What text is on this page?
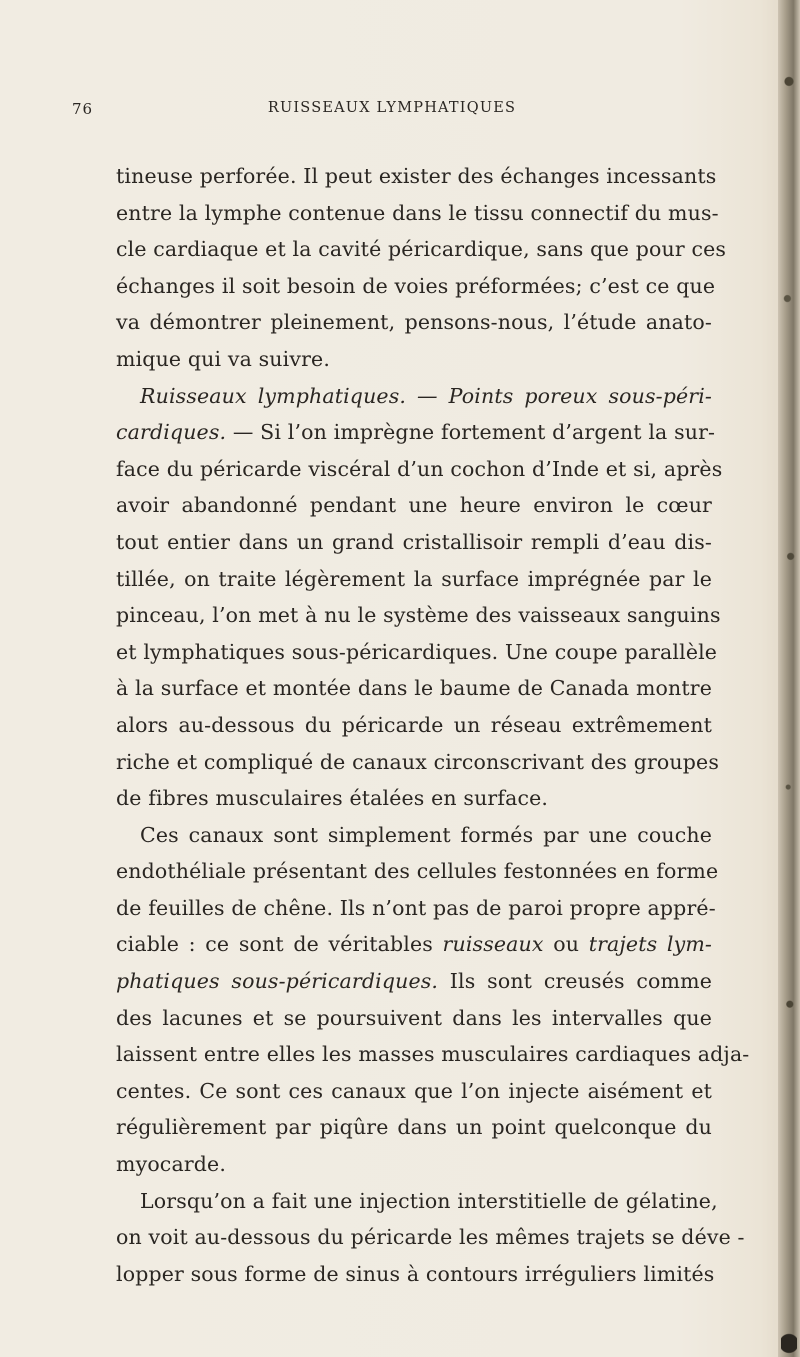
76	RUISSEAUX LYMPHATIQUES
tineuse perforée. Il peut exister des échanges incessants
entre la lymphe contenue dans le tissu connectif du mus-
cle cardiaque et la cavité péricardique, sans que pour ces
échanges il soit besoin de voies préformées; c’est ce que
va démontrer pleinement, pensons-nous, l’étude anato-
mique qui va suivre.
Ruisseaux lymphatiques. — Points poreux sous-péri-
cardiques. — Si l’on imprègne fortement d’argent la sur-
face du péricarde viscéral d’un cochon d’Inde et si, après
avoir abandonné pendant une heure environ le cœur
tout entier dans un grand cristallisoir rempli d’eau dis-
tillée, on traite légèrement la surface imprégnée par le
pinceau, l’on met à nu le système des vaisseaux sanguins
et lymphatiques sous-péricardiques. Une coupe parallèle
à la surface et montée dans le baume de Canada montre
alors au-dessous du péricarde un réseau extrêmement
riche et compliqué de canaux circonscrivant des groupes
de fibres musculaires étalées en surface.
Ces canaux sont simplement formés par une couche
endothéliale présentant des cellules festonnées en forme
de feuilles de chêne. Ils n’ont pas de paroi propre appré-
ciable : ce sont de véritables ruisseaux ou trajets lym-
phatiques sous-péricardiques. Ils sont creusés comme
des lacunes et se poursuivent dans les intervalles que
laissent entre elles les masses musculaires cardiaques adja-
centes. Ce sont ces canaux que l’on injecte aisément et
régulièrement par piqûre dans un point quelconque du
myocarde.
Lorsqu’on a fait une injection interstitielle de gélatine,
on voit au-dessous du péricarde les mêmes trajets se déve -
lopper sous forme de sinus à contours irréguliers limités
